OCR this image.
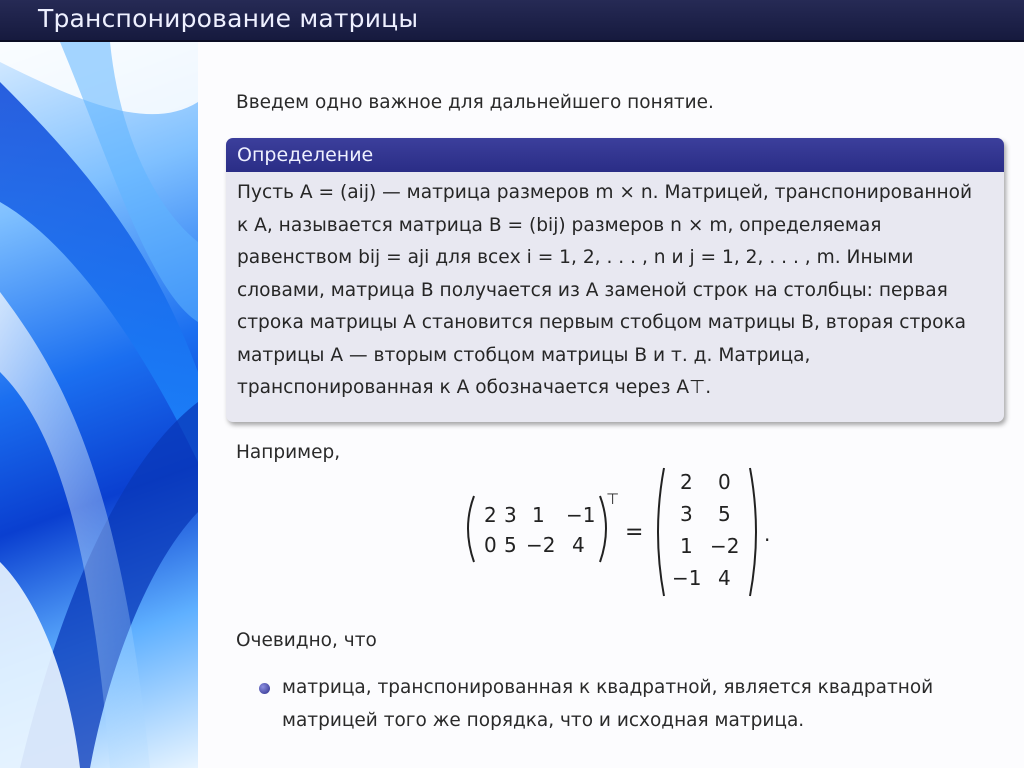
Транспонирование матрицы
Введем одно важное для дальнейшего понятие.
Определение
Пусть A = (aij) — матрица размеров m × n. Матрицей, транспонированной
к A, называется матрица B = (bij) размеров n × m, определяемая
равенством bij = aji для всех i = 1, 2, . . . , n и j = 1, 2, . . . , m. Иными
словами, матрица B получается из A заменой строк на столбцы: первая
строка матрицы A становится первым стобцом матрицы B, вторая строка
матрицы A — вторым стобцом матрицы B и т. д. Матрица,
транспонированная к A обозначается через A⊤.
Например,
2 3 1 −1
0 5 −2 4
⊤
=
2 0
3 5
1 −2
−1 4
.
Очевидно, что
матрица, транспонированная к квадратной, является квадратной
матрицей того же порядка, что и исходная матрица.
